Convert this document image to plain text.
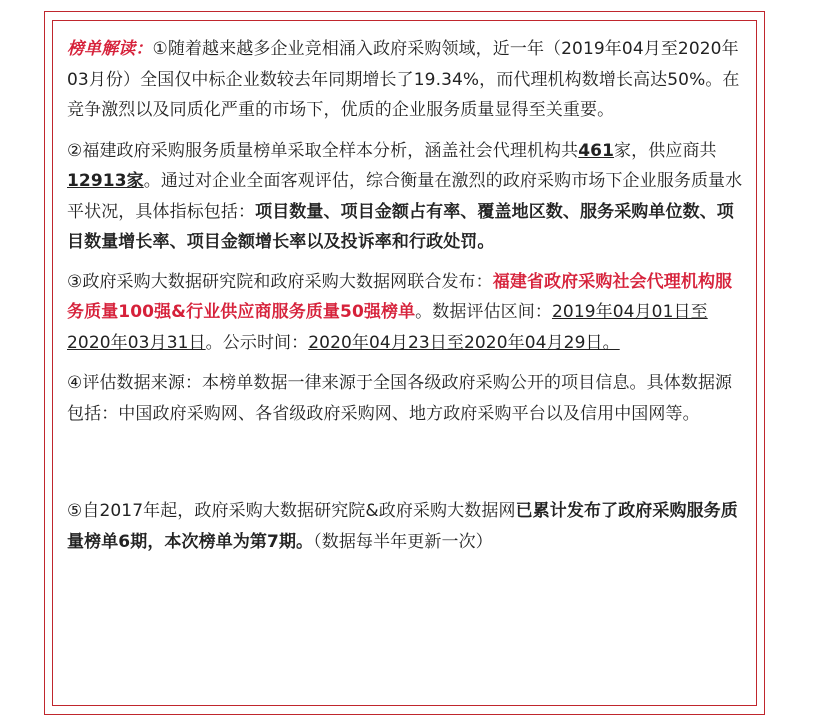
榜单解读：①随着越来越多企业竞相涌入政府采购领域，近一年（2019年04月至2020年03月份）全国仅中标企业数较去年同期增长了19.34%，而代理机构数增长高达50%。在竞争激烈以及同质化严重的市场下，优质的企业服务质量显得至关重要。

②福建政府采购服务质量榜单采取全样本分析，涵盖社会代理机构共461家，供应商共12913家。通过对企业全面客观评估，综合衡量在激烈的政府采购市场下企业服务质量水平状况，具体指标包括：项目数量、项目金额占有率、覆盖地区数、服务采购单位数、项目数量增长率、项目金额增长率以及投诉率和行政处罚。

③政府采购大数据研究院和政府采购大数据网联合发布：福建省政府采购社会代理机构服务质量100强&行业供应商服务质量50强榜单。数据评估区间：2019年04月01日至2020年03月31日。公示时间：2020年04月23日至2020年04月29日。

④评估数据来源：本榜单数据一律来源于全国各级政府采购公开的项目信息。具体数据源包括：中国政府采购网、各省级政府采购网、地方政府采购平台以及信用中国网等。

⑤自2017年起，政府采购大数据研究院&政府采购大数据网已累计发布了政府采购服务质量榜单6期，本次榜单为第7期。（数据每半年更新一次）
